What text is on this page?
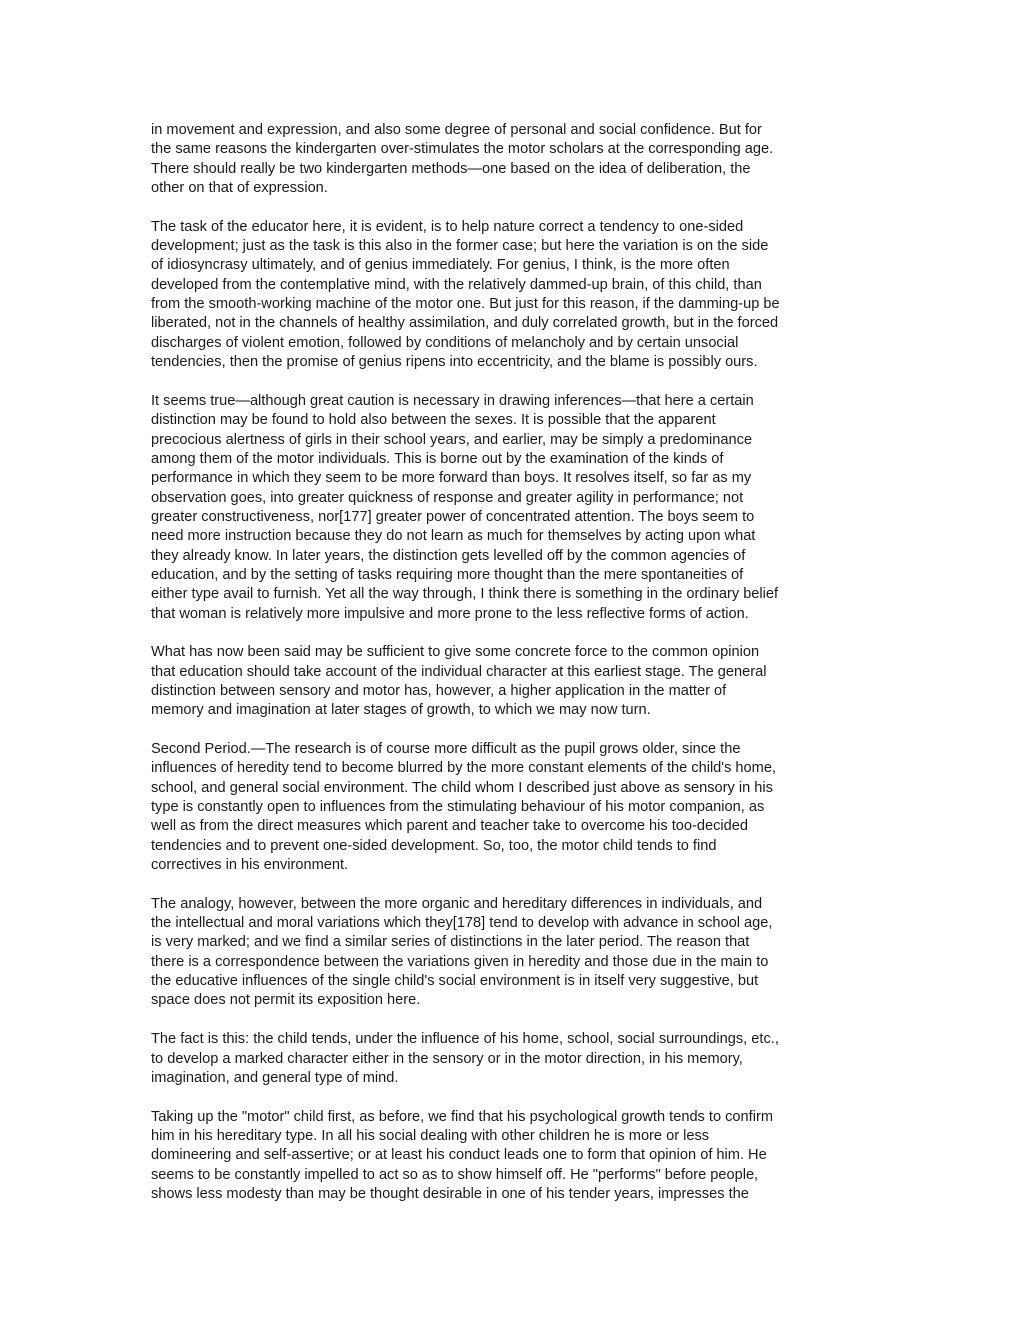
in movement and expression, and also some degree of personal and social confidence. But for
the same reasons the kindergarten over-stimulates the motor scholars at the corresponding age.
There should really be two kindergarten methods—one based on the idea of deliberation, the
other on that of expression.

The task of the educator here, it is evident, is to help nature correct a tendency to one-sided
development; just as the task is this also in the former case; but here the variation is on the side
of idiosyncrasy ultimately, and of genius immediately. For genius, I think, is the more often
developed from the contemplative mind, with the relatively dammed-up brain, of this child, than
from the smooth-working machine of the motor one. But just for this reason, if the damming-up be
liberated, not in the channels of healthy assimilation, and duly correlated growth, but in the forced
discharges of violent emotion, followed by conditions of melancholy and by certain unsocial
tendencies, then the promise of genius ripens into eccentricity, and the blame is possibly ours.

It seems true—although great caution is necessary in drawing inferences—that here a certain
distinction may be found to hold also between the sexes. It is possible that the apparent
precocious alertness of girls in their school years, and earlier, may be simply a predominance
among them of the motor individuals. This is borne out by the examination of the kinds of
performance in which they seem to be more forward than boys. It resolves itself, so far as my
observation goes, into greater quickness of response and greater agility in performance; not
greater constructiveness, nor[177] greater power of concentrated attention. The boys seem to
need more instruction because they do not learn as much for themselves by acting upon what
they already know. In later years, the distinction gets levelled off by the common agencies of
education, and by the setting of tasks requiring more thought than the mere spontaneities of
either type avail to furnish. Yet all the way through, I think there is something in the ordinary belief
that woman is relatively more impulsive and more prone to the less reflective forms of action.

What has now been said may be sufficient to give some concrete force to the common opinion
that education should take account of the individual character at this earliest stage. The general
distinction between sensory and motor has, however, a higher application in the matter of
memory and imagination at later stages of growth, to which we may now turn.

Second Period.—The research is of course more difficult as the pupil grows older, since the
influences of heredity tend to become blurred by the more constant elements of the child's home,
school, and general social environment. The child whom I described just above as sensory in his
type is constantly open to influences from the stimulating behaviour of his motor companion, as
well as from the direct measures which parent and teacher take to overcome his too-decided
tendencies and to prevent one-sided development. So, too, the motor child tends to find
correctives in his environment.

The analogy, however, between the more organic and hereditary differences in individuals, and
the intellectual and moral variations which they[178] tend to develop with advance in school age,
is very marked; and we find a similar series of distinctions in the later period. The reason that
there is a correspondence between the variations given in heredity and those due in the main to
the educative influences of the single child's social environment is in itself very suggestive, but
space does not permit its exposition here.

The fact is this: the child tends, under the influence of his home, school, social surroundings, etc.,
to develop a marked character either in the sensory or in the motor direction, in his memory,
imagination, and general type of mind.

Taking up the "motor" child first, as before, we find that his psychological growth tends to confirm
him in his hereditary type. In all his social dealing with other children he is more or less
domineering and self-assertive; or at least his conduct leads one to form that opinion of him. He
seems to be constantly impelled to act so as to show himself off. He "performs" before people,
shows less modesty than may be thought desirable in one of his tender years, impresses the
